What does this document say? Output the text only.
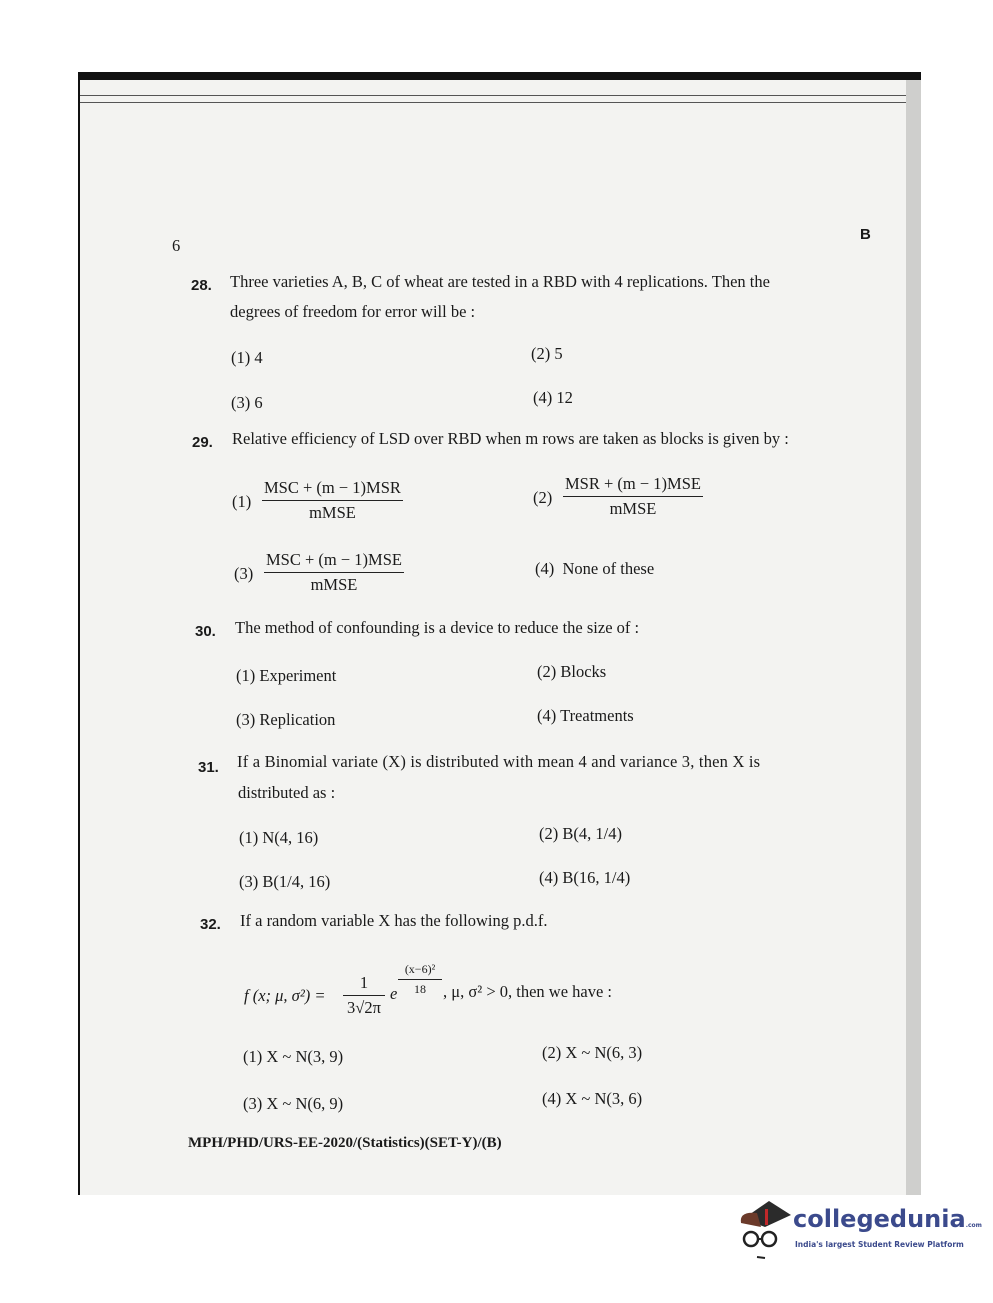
6
B
28. Three varieties A, B, C of wheat are tested in a RBD with 4 replications. Then the
degrees of freedom for error will be :
(1) 4	(2) 5
(3) 6	(4) 12
29. Relative efficiency of LSD over RBD when m rows are taken as blocks is given by :
(1)
MSC + (m − 1)MSR
mMSE
(2)
MSR + (m − 1)MSE
mMSE
(3)
MSC + (m − 1)MSE
mMSE
(4) None of these
30. The method of confounding is a device to reduce the size of :
(1) Experiment	(2) Blocks
(3) Replication	(4) Treatments
31. If a Binomial variate (X) is distributed with mean 4 and variance 3, then X is
distributed as :
(1) N(4, 16)	(2) B(4, 1/4)
(3) B(1/4, 16)	(4) B(16, 1/4)
32. If a random variable X has the following p.d.f.
f (x; μ, $\sigma^2) = \frac{1}{3√2\pi}$ e $\frac{\text{(x−6)²}}{18}$ , μ, σ² > 0, then we have :
(1) X ~ N(3, 9)	(2) X ~ N(6, 3)
(3) X ~ N(6, 9)	(4) X ~ N(3, 6)
MPH/PHD/URS-EE-2020/(Statistics)(SET-Y)/(B)
collegedunia.com
India's largest Student Review Platform
